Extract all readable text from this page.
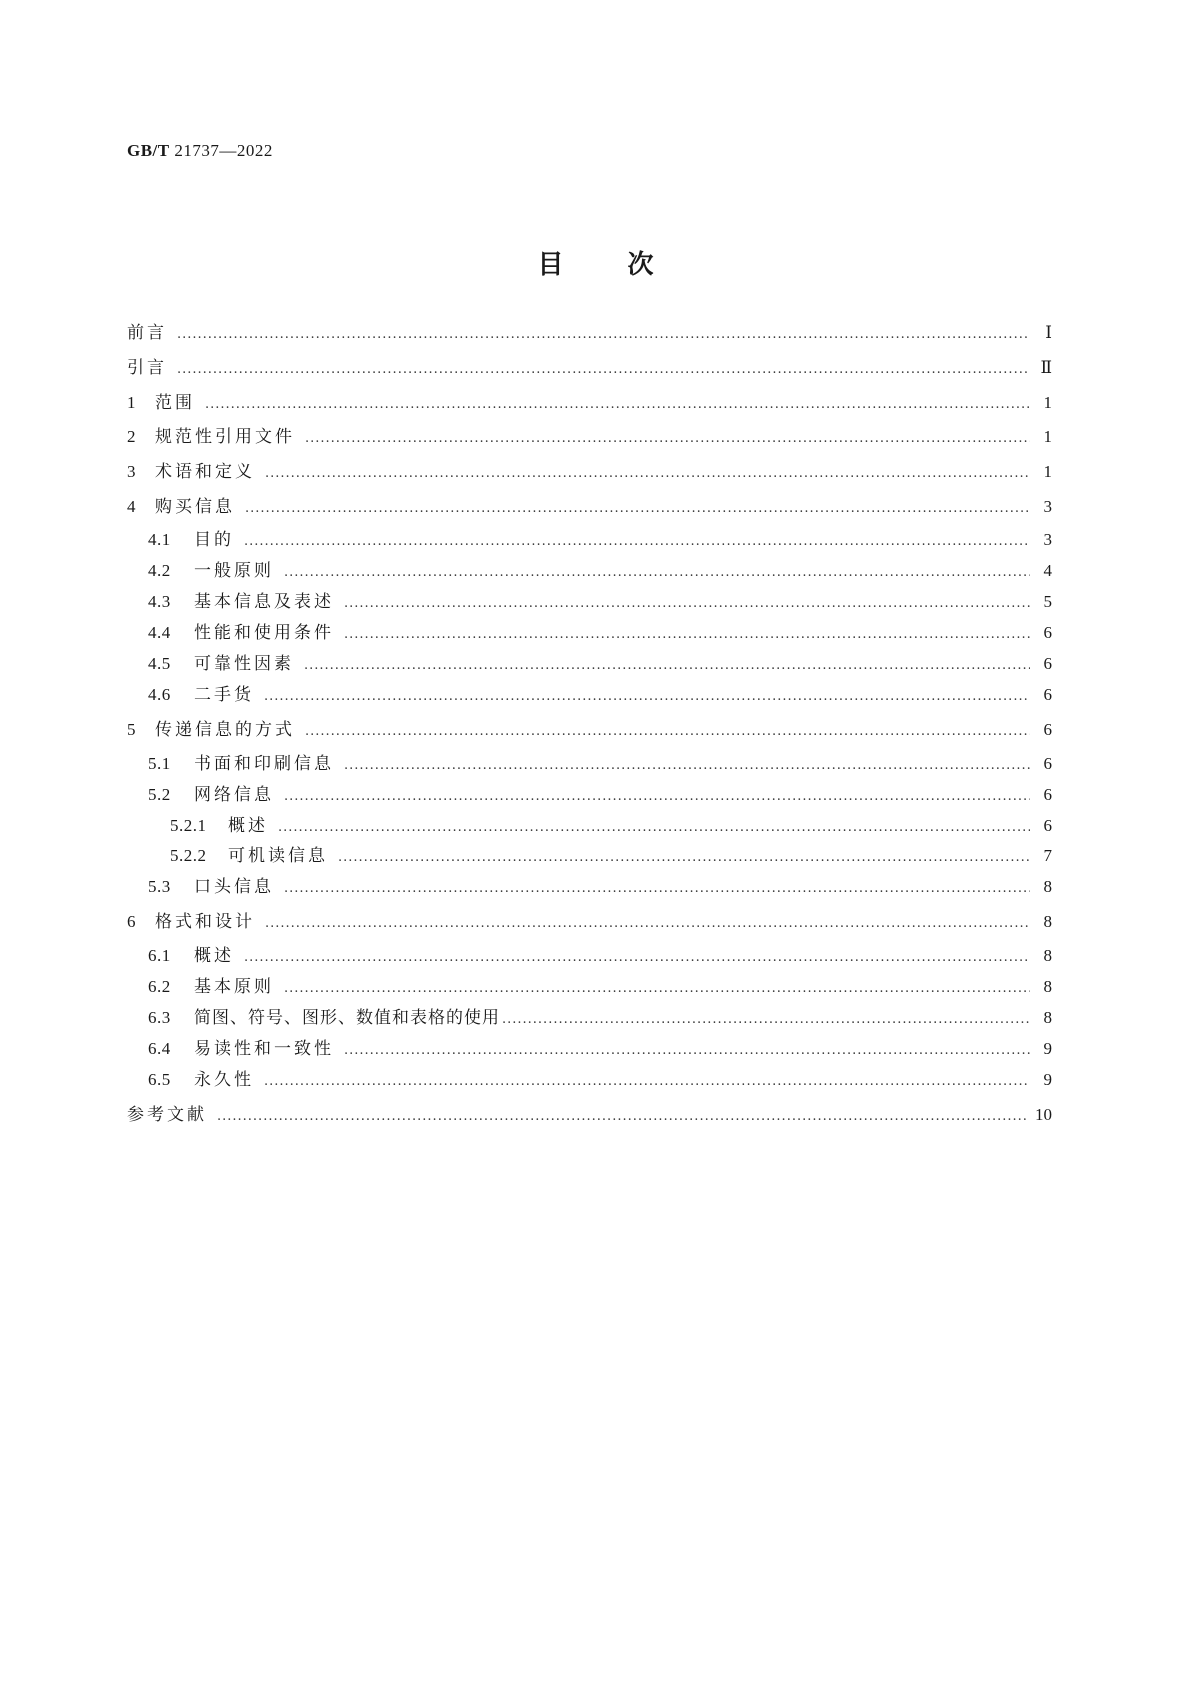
GB/T 21737—2022
目次
前言 .....	Ⅰ
引言 .....	Ⅱ
1	范围 .....	1
2	规范性引用文件 .....	1
3	术语和定义 .....	1
4	购买信息 .....	3
4.1	目的 .....	3
4.2	一般原则 .....	4
4.3	基本信息及表述 .....	5
4.4	性能和使用条件 .....	6
4.5	可靠性因素 .....	6
4.6	二手货 .....	6
5	传递信息的方式 .....	6
5.1	书面和印刷信息 .....	6
5.2	网络信息 .....	6
5.2.1	概述 .....	6
5.2.2	可机读信息 .....	7
5.3	口头信息 .....	8
6	格式和设计 .....	8
6.1	概述 .....	8
6.2	基本原则 .....	8
6.3	简图、符号、图形、数值和表格的使用 .....	8
6.4	易读性和一致性 .....	9
6.5	永久性 .....	9
参考文献 .....	10
